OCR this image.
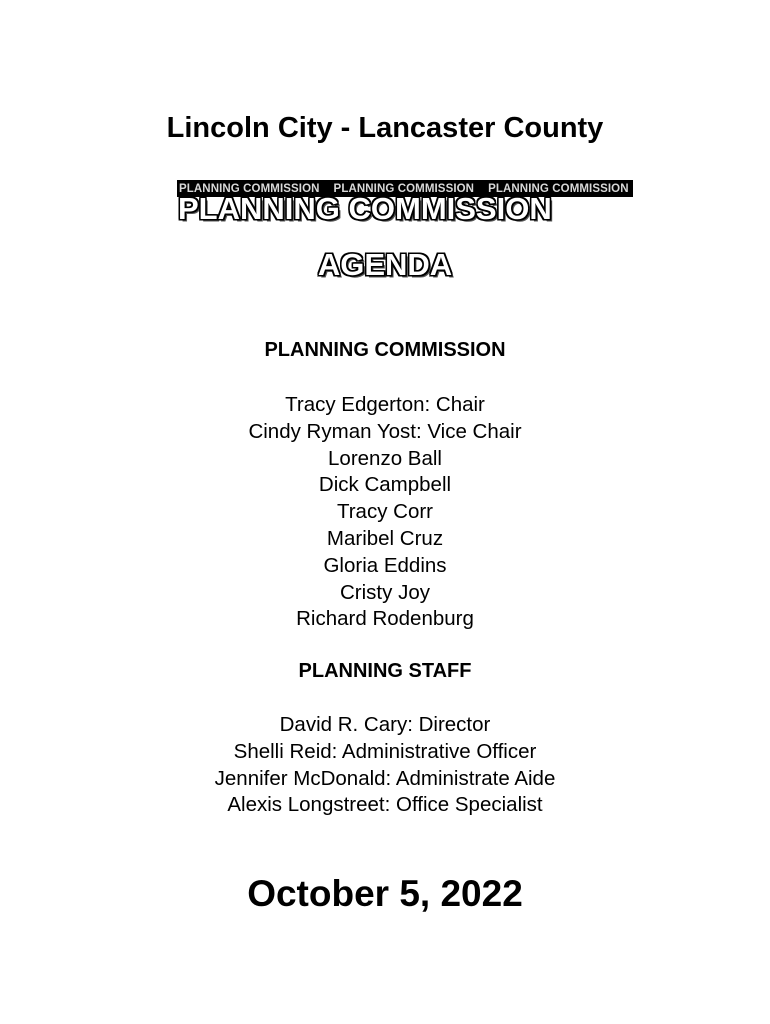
Lincoln City - Lancaster County
PLANNING COMMISSION PLANNING COMMISSION PLANNING COMMISSION
PLANNING COMMISSION
AGENDA
PLANNING COMMISSION
Tracy Edgerton: Chair
Cindy Ryman Yost: Vice Chair
Lorenzo Ball
Dick Campbell
Tracy Corr
Maribel Cruz
Gloria Eddins
Cristy Joy
Richard Rodenburg
PLANNING STAFF
David R. Cary: Director
Shelli Reid: Administrative Officer
Jennifer McDonald: Administrate Aide
Alexis Longstreet: Office Specialist
October 5, 2022
